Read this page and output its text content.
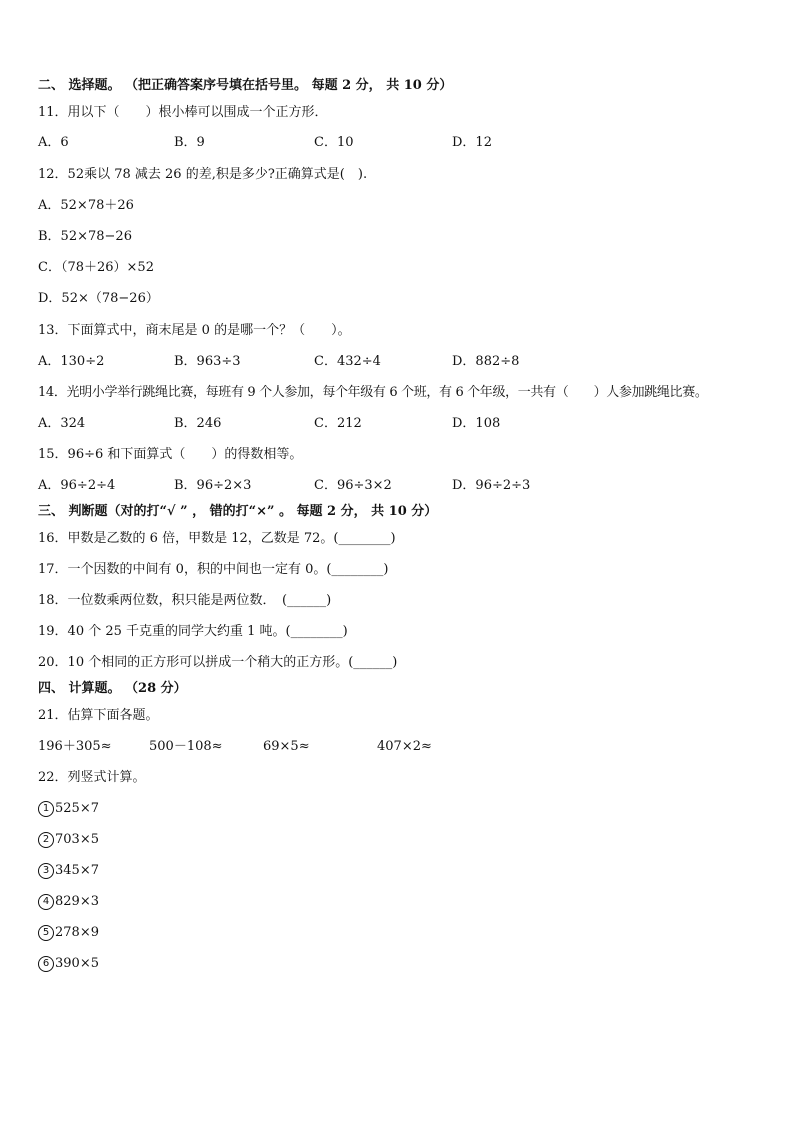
二、 选择题。 （把正确答案序号填在括号里。 每题 2 分， 共 10 分）

11．用以下（　　）根小棒可以围成一个正方形．

A．6	B．9	C．10	D．12

12．52乘以 78 减去 26 的差,积是多少?正确算式是(　).

A．52×78＋26

B．52×78−26

C．（78＋26）×52

D．52×（78−26）

13．下面算式中，商末尾是 0 的是哪一个？（　　）。

A．130÷2	B．963÷3	C．432÷4	D．882÷8

14．光明小学举行跳绳比赛，每班有 9 个人参加，每个年级有 6 个班，有 6 个年级，一共有（　　）人参加跳绳比赛。

A．324	B．246	C．212	D．108

15．96÷6 和下面算式（　　）的得数相等。

A．96÷2÷4	B．96÷2×3	C．96÷3×2	D．96÷2÷3

三、 判断题（对的打“√ ” ， 错的打“×” 。 每题 2 分， 共 10 分）

16．甲数是乙数的 6 倍，甲数是 12，乙数是 72。(________)

17．一个因数的中间有 0，积的中间也一定有 0。(________)

18．一位数乘两位数，积只能是两位数．　(______)

19．40 个 25 千克重的同学大约重 1 吨。(________)

20．10 个相同的正方形可以拼成一个稍大的正方形。(______)

四、 计算题。 （28 分）

21．估算下面各题。

196＋305≈	500－108≈	69×5≈	407×2≈

22．列竖式计算。

1 525×7
2 703×5
3 345×7
4 829×3
5 278×9
6 390×5
